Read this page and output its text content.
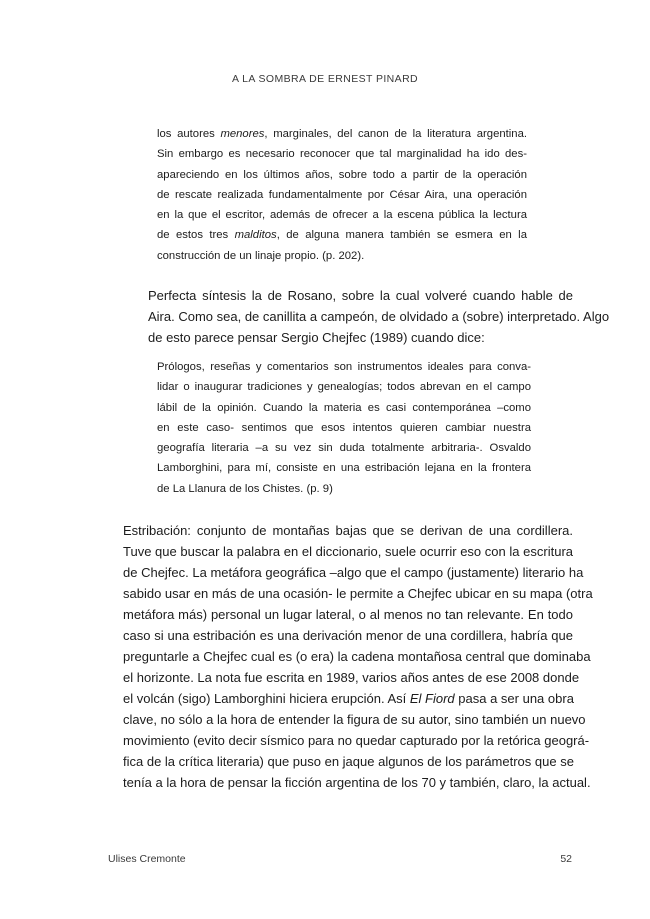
A LA SOMBRA DE ERNEST PINARD
los autores menores, marginales, del canon de la literatura argentina.
Sin embargo es necesario reconocer que tal marginalidad ha ido des-
apareciendo en los últimos años, sobre todo a partir de la operación
de rescate realizada fundamentalmente por César Aira, una operación
en la que el escritor, además de ofrecer a la escena pública la lectura
de estos tres malditos, de alguna manera también se esmera en la
construcción de un linaje propio. (p. 202).
Perfecta síntesis la de Rosano, sobre la cual volveré cuando hable de
Aira. Como sea, de canillita a campeón, de olvidado a (sobre) interpretado. Algo
de esto parece pensar Sergio Chejfec (1989) cuando dice:
Prólogos, reseñas y comentarios son instrumentos ideales para conva-
lidar o inaugurar tradiciones y genealogías; todos abrevan en el campo
lábil de la opinión. Cuando la materia es casi contemporánea –como
en este caso- sentimos que esos intentos quieren cambiar nuestra
geografía literaria –a su vez sin duda totalmente arbitraria-. Osvaldo
Lamborghini, para mí, consiste en una estribación lejana en la frontera
de La Llanura de los Chistes. (p. 9)
Estribación: conjunto de montañas bajas que se derivan de una cordillera.
Tuve que buscar la palabra en el diccionario, suele ocurrir eso con la escritura
de Chejfec. La metáfora geográfica –algo que el campo (justamente) literario ha
sabido usar en más de una ocasión- le permite a Chejfec ubicar en su mapa (otra
metáfora más) personal un lugar lateral, o al menos no tan relevante. En todo
caso si una estribación es una derivación menor de una cordillera, habría que
preguntarle a Chejfec cual es (o era) la cadena montañosa central que dominaba
el horizonte. La nota fue escrita en 1989, varios años antes de ese 2008 donde
el volcán (sigo) Lamborghini hiciera erupción. Así El Fiord pasa a ser una obra
clave, no sólo a la hora de entender la figura de su autor, sino también un nuevo
movimiento (evito decir sísmico para no quedar capturado por la retórica geográ-
fica de la crítica literaria) que puso en jaque algunos de los parámetros que se
tenía a la hora de pensar la ficción argentina de los 70 y también, claro, la actual.
Ulises Cremonte	52
